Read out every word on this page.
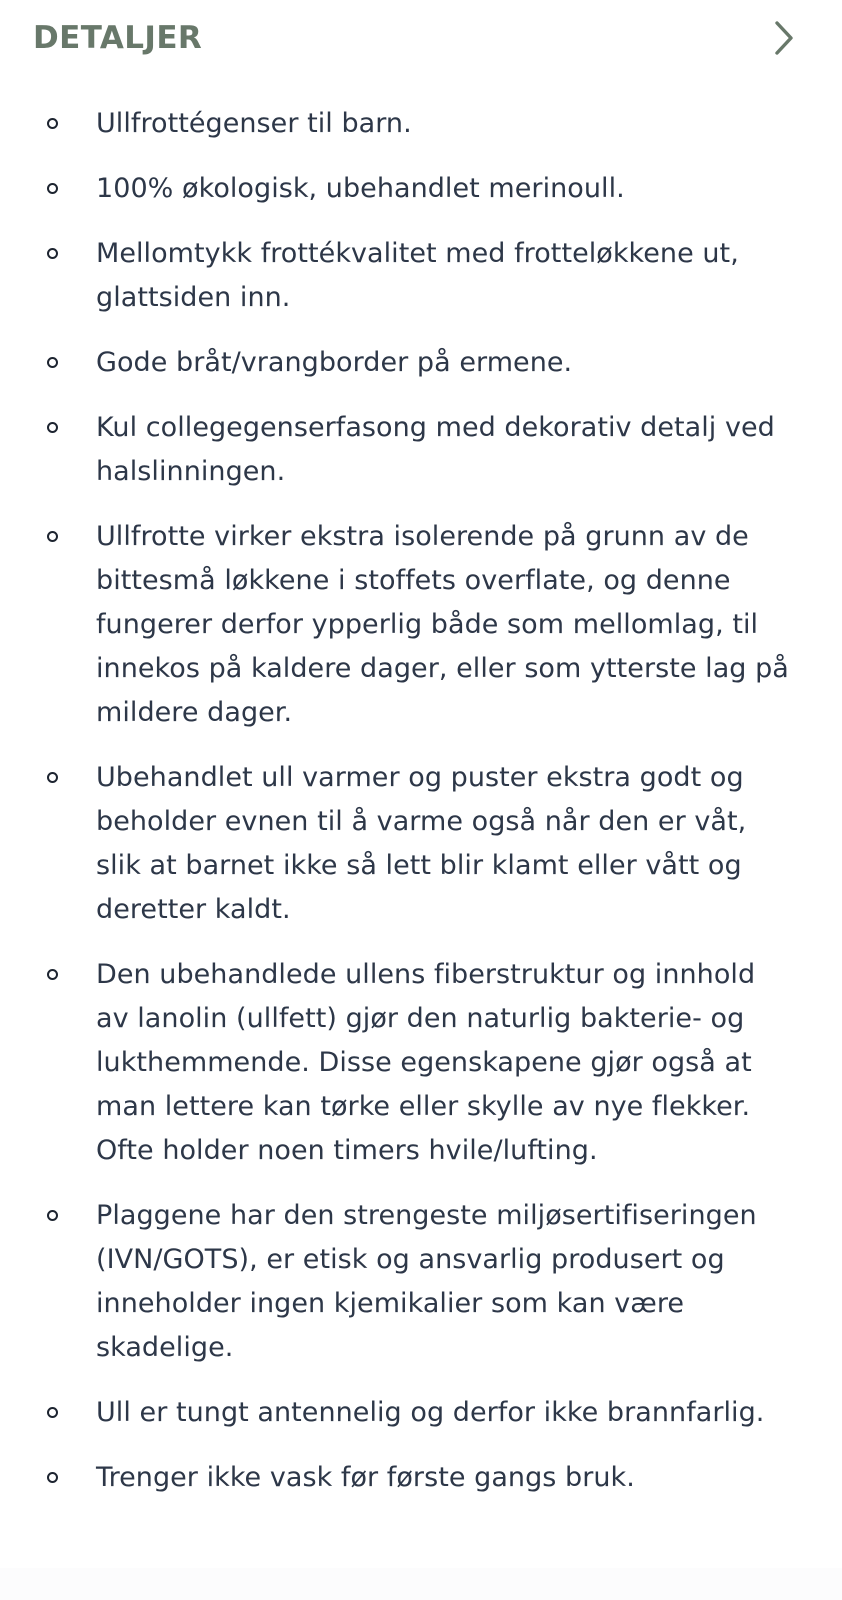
DETALJER
Ullfrottégenser til barn.
100% økologisk, ubehandlet merinoull.
Mellomtykk frottékvalitet med frotteløkkene ut, glattsiden inn.
Gode bråt/vrangborder på ermene.
Kul collegegenserfasong med dekorativ detalj ved halslinningen.
Ullfrotte virker ekstra isolerende på grunn av de bittesmå løkkene i stoffets overflate, og denne fungerer derfor ypperlig både som mellomlag, til innekos på kaldere dager, eller som ytterste lag på mildere dager.
Ubehandlet ull varmer og puster ekstra godt og beholder evnen til å varme også når den er våt, slik at barnet ikke så lett blir klamt eller vått og deretter kaldt.
Den ubehandlede ullens fiberstruktur og innhold av lanolin (ullfett) gjør den naturlig bakterie- og lukthemmende. Disse egenskapene gjør også at man lettere kan tørke eller skylle av nye flekker. Ofte holder noen timers hvile/lufting.
Plaggene har den strengeste miljøsertifiseringen (IVN/GOTS), er etisk og ansvarlig produsert og inneholder ingen kjemikalier som kan være skadelige.
Ull er tungt antennelig og derfor ikke brannfarlig.
Trenger ikke vask før første gangs bruk.
